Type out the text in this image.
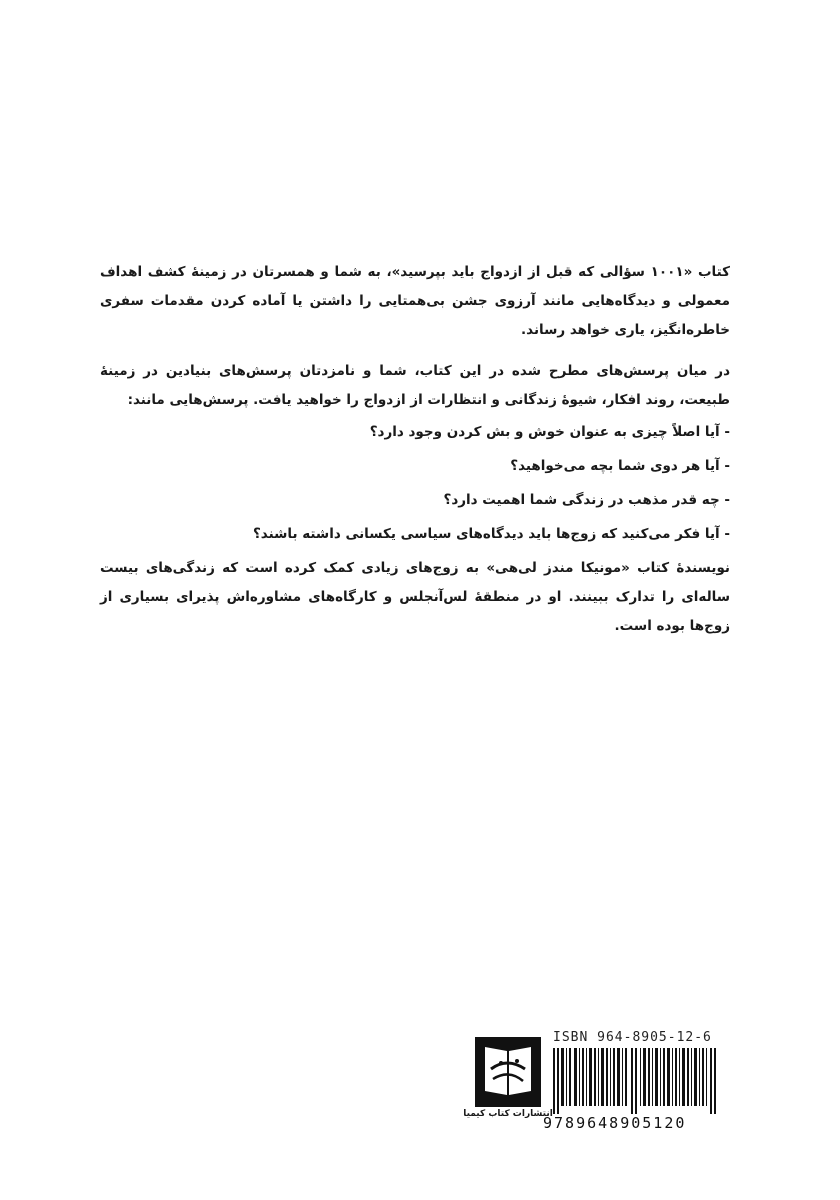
کتاب «۱۰۰۱ سؤالی که قبل از ازدواج باید بپرسید»، به شما و همسرتان در زمینهٔ کشف اهداف معمولی و دیدگاه‌هایی مانند آرزوی جشن بی‌همتایی را داشتن یا آماده کردن مقدمات سفری خاطره‌انگیز، یاری خواهد رساند.

در میان پرسش‌های مطرح شده در این کتاب، شما و نامزدتان پرسش‌های بنیادین در زمینهٔ طبیعت، روند افکار، شیوهٔ زندگانی و انتظارات از ازدواج را خواهید یافت. پرسش‌هایی مانند:

- آیا اصلاً چیزی به عنوان خوش و بش کردن وجود دارد؟
- آیا هر دوی شما بچه می‌خواهید؟
- چه قدر مذهب در زندگی شما اهمیت دارد؟
- آیا فکر می‌کنید که زوج‌ها باید دیدگاه‌های سیاسی یکسانی داشته باشند؟

نویسندهٔ کتاب «مونیکا مندز لی‌هی» به زوج‌های زیادی کمک کرده است که زندگی‌های بیست ساله‌ای را تدارک ببینند. او در منطقهٔ لس‌آنجلس و کارگاه‌های مشاوره‌اش پذیرای بسیاری از زوج‌ها بوده است.

انتشارات کتاب کیمیا
ISBN 964-8905-12-6
9789648905120
